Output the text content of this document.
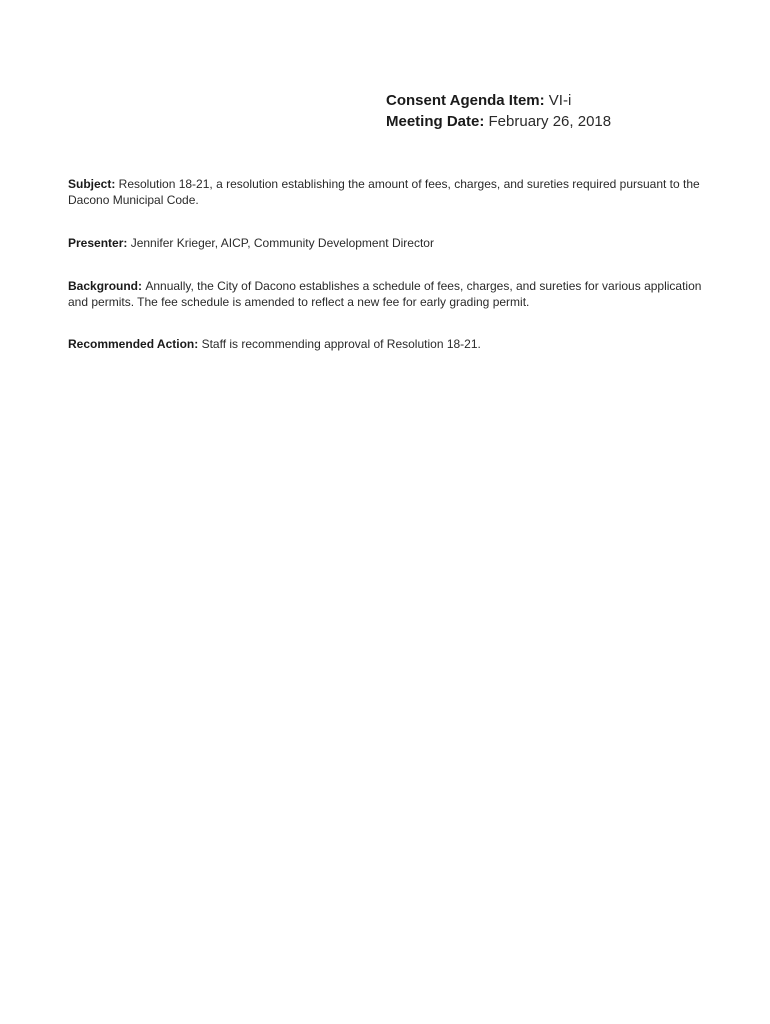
Consent Agenda Item: VI-i
Meeting Date: February 26, 2018
Subject: Resolution 18-21, a resolution establishing the amount of fees, charges, and sureties required pursuant to the Dacono Municipal Code.
Presenter: Jennifer Krieger, AICP, Community Development Director
Background: Annually, the City of Dacono establishes a schedule of fees, charges, and sureties for various application and permits. The fee schedule is amended to reflect a new fee for early grading permit.
Recommended Action: Staff is recommending approval of Resolution 18-21.
